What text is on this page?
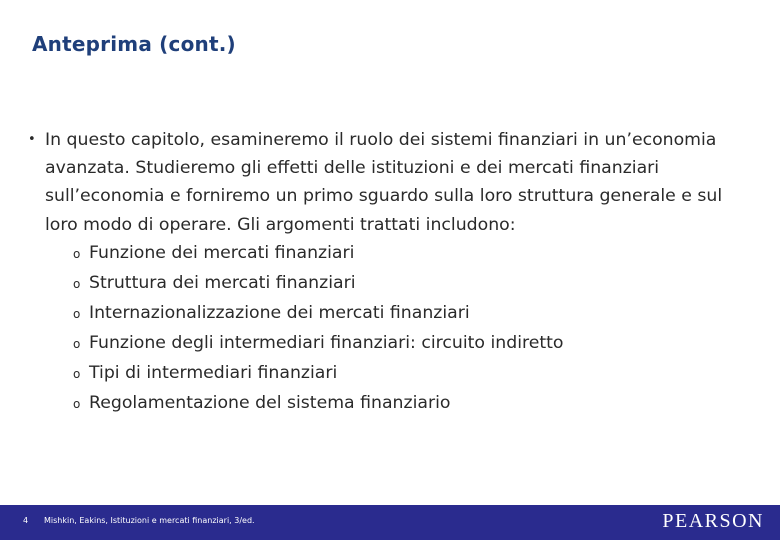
Anteprima (cont.)
• In questo capitolo, esamineremo il ruolo dei sistemi finanziari in un’economia avanzata. Studieremo gli effetti delle istituzioni e dei mercati finanziari sull’economia e forniremo un primo sguardo sulla loro struttura generale e sul loro modo di operare. Gli argomenti trattati includono:
o Funzione dei mercati finanziari
o Struttura dei mercati finanziari
o Internazionalizzazione dei mercati finanziari
o Funzione degli intermediari finanziari: circuito indiretto
o Tipi di intermediari finanziari
o Regolamentazione del sistema finanziario
4 Mishkin, Eakins, Istituzioni e mercati finanziari, 3/ed.	PEARSON
